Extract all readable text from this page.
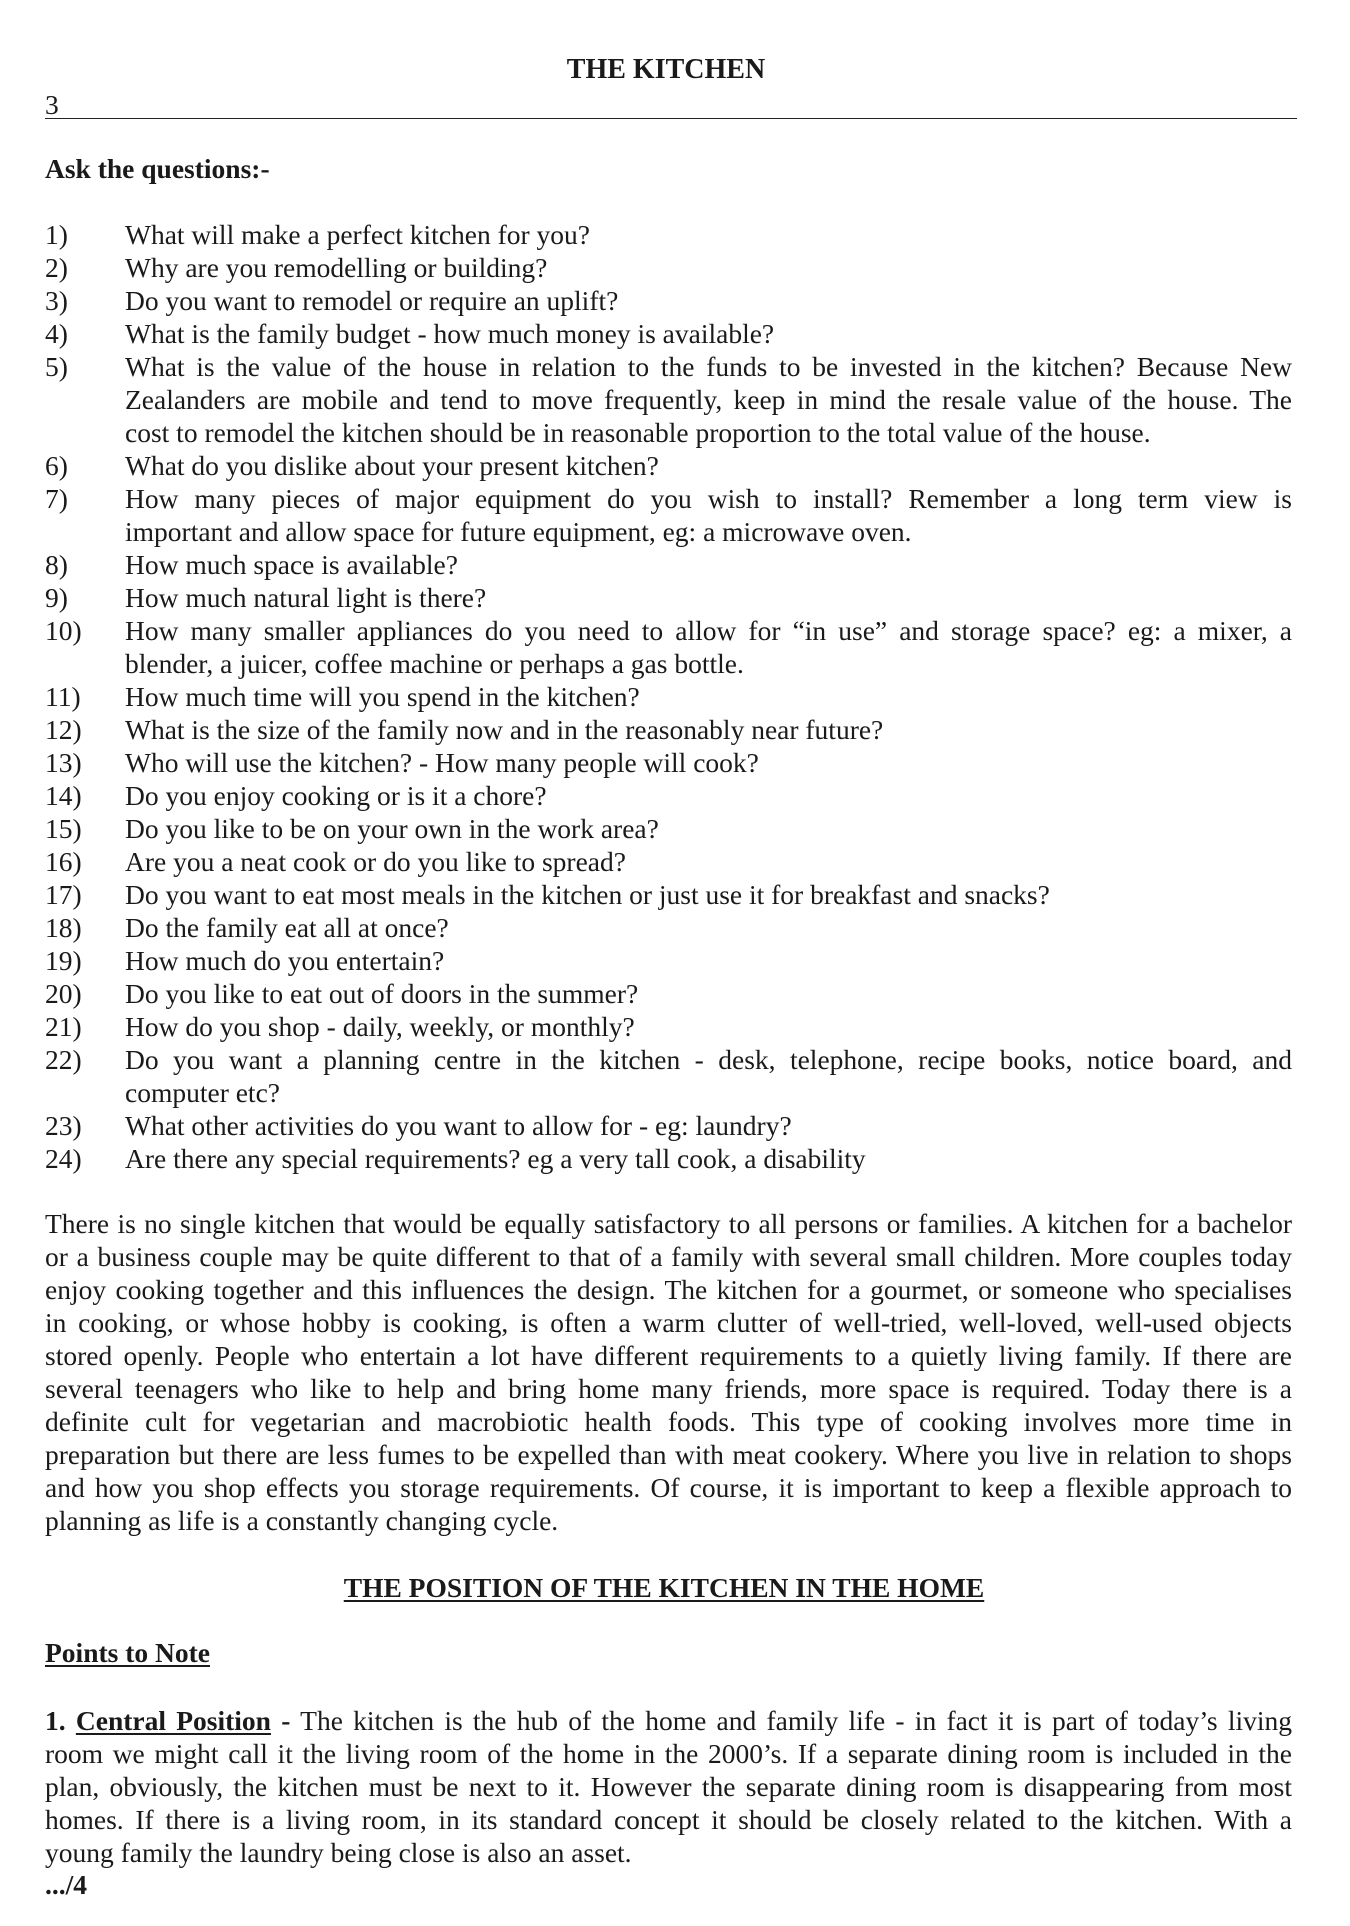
THE KITCHEN
3
Ask the questions:-
1)	What will make a perfect kitchen for you?
2)	Why are you remodelling or building?
3)	Do you want to remodel or require an uplift?
4)	What is the family budget - how much money is available?
5)	What is the value of the house in relation to the funds to be invested in the kitchen? Because New
Zealanders are mobile and tend to move frequently, keep in mind the resale value of the house. The
cost to remodel the kitchen should be in reasonable proportion to the total value of the house.
6)	What do you dislike about your present kitchen?
7)	How many pieces of major equipment do you wish to install? Remember a long term view is
important and allow space for future equipment, eg: a microwave oven.
8)	How much space is available?
9)	How much natural light is there?
10)	How many smaller appliances do you need to allow for “in use” and storage space? eg: a mixer, a
blender, a juicer, coffee machine or perhaps a gas bottle.
11)	How much time will you spend in the kitchen?
12)	What is the size of the family now and in the reasonably near future?
13)	Who will use the kitchen? - How many people will cook?
14)	Do you enjoy cooking or is it a chore?
15)	Do you like to be on your own in the work area?
16)	Are you a neat cook or do you like to spread?
17)	Do you want to eat most meals in the kitchen or just use it for breakfast and snacks?
18)	Do the family eat all at once?
19)	How much do you entertain?
20)	Do you like to eat out of doors in the summer?
21)	How do you shop - daily, weekly, or monthly?
22)	Do you want a planning centre in the kitchen - desk, telephone, recipe books, notice board, and
computer etc?
23)	What other activities do you want to allow for - eg: laundry?
24)	Are there any special requirements? eg a very tall cook, a disability
There is no single kitchen that would be equally satisfactory to all persons or families. A kitchen for a bachelor
or a business couple may be quite different to that of a family with several small children. More couples today
enjoy cooking together and this influences the design. The kitchen for a gourmet, or someone who specialises
in cooking, or whose hobby is cooking, is often a warm clutter of well-tried, well-loved, well-used objects
stored openly. People who entertain a lot have different requirements to a quietly living family. If there are
several teenagers who like to help and bring home many friends, more space is required. Today there is a
definite cult for vegetarian and macrobiotic health foods. This type of cooking involves more time in
preparation but there are less fumes to be expelled than with meat cookery. Where you live in relation to shops
and how you shop effects you storage requirements. Of course, it is important to keep a flexible approach to
planning as life is a constantly changing cycle.
THE POSITION OF THE KITCHEN IN THE HOME
Points to Note
1. Central Position - The kitchen is the hub of the home and family life - in fact it is part of today’s living
room we might call it the living room of the home in the 2000’s. If a separate dining room is included in the
plan, obviously, the kitchen must be next to it. However the separate dining room is disappearing from most
homes. If there is a living room, in its standard concept it should be closely related to the kitchen. With a
young family the laundry being close is also an asset.
.../4
